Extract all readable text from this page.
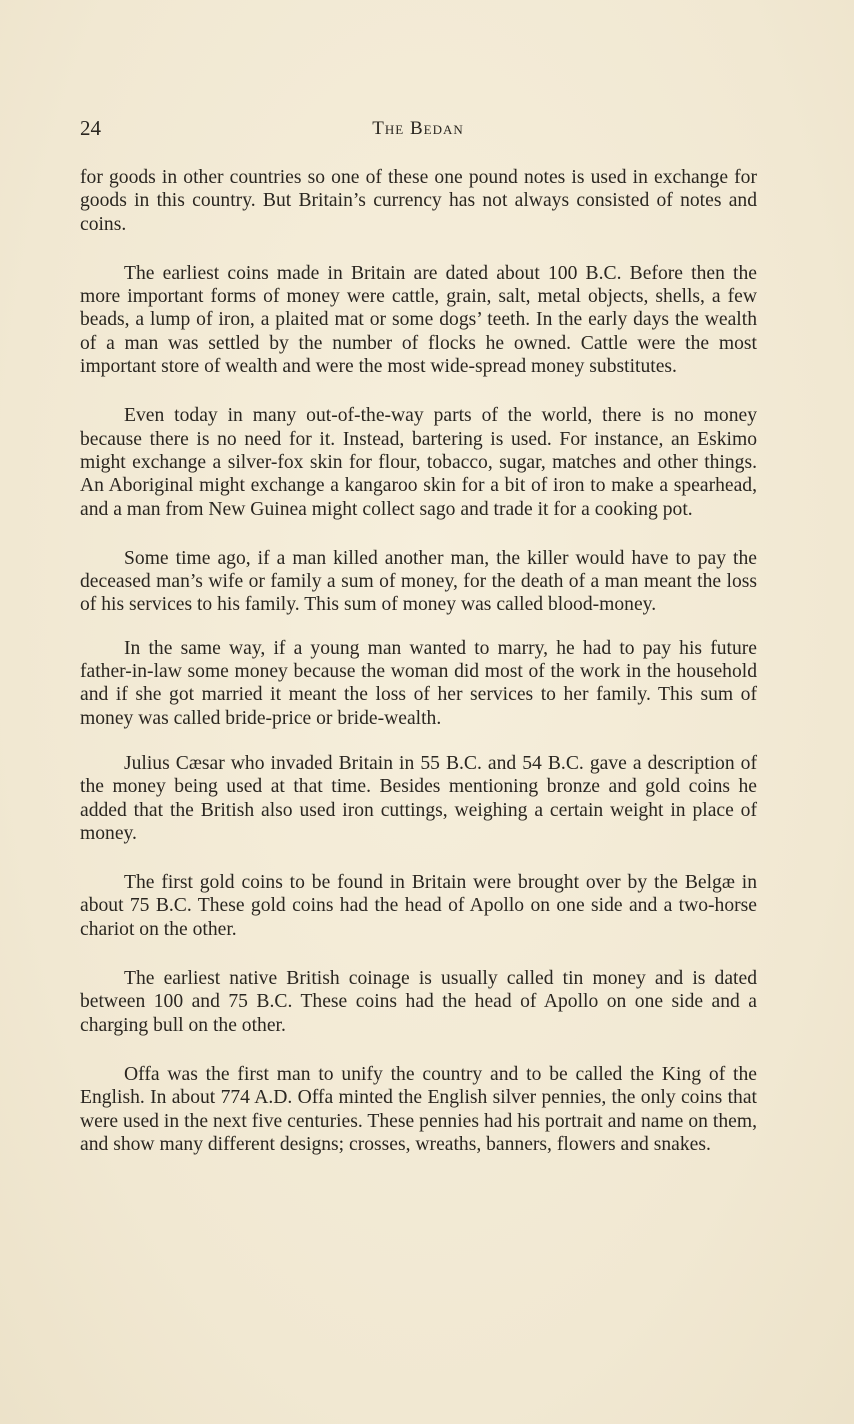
24	The Bedan

for goods in other countries so one of these one pound notes is used in exchange for goods in this country. But Britain’s currency has not always consisted of notes and coins.

The earliest coins made in Britain are dated about 100 B.C. Before then the more important forms of money were cattle, grain, salt, metal objects, shells, a few beads, a lump of iron, a plaited mat or some dogs’ teeth. In the early days the wealth of a man was settled by the number of flocks he owned. Cattle were the most important store of wealth and were the most wide-spread money substitutes.

Even today in many out-of-the-way parts of the world, there is no money because there is no need for it. Instead, bartering is used. For instance, an Eskimo might exchange a silver-fox skin for flour, tobacco, sugar, matches and other things. An Aboriginal might exchange a kangaroo skin for a bit of iron to make a spearhead, and a man from New Guinea might collect sago and trade it for a cooking pot.

Some time ago, if a man killed another man, the killer would have to pay the deceased man’s wife or family a sum of money, for the death of a man meant the loss of his services to his family. This sum of money was called blood-money.

In the same way, if a young man wanted to marry, he had to pay his future father-in-law some money because the woman did most of the work in the household and if she got married it meant the loss of her services to her family. This sum of money was called bride-price or bride-wealth.

Julius Cæsar who invaded Britain in 55 B.C. and 54 B.C. gave a description of the money being used at that time. Besides mentioning bronze and gold coins he added that the British also used iron cuttings, weighing a certain weight in place of money.

The first gold coins to be found in Britain were brought over by the Belgæ in about 75 B.C. These gold coins had the head of Apollo on one side and a two-horse chariot on the other.

The earliest native British coinage is usually called tin money and is dated between 100 and 75 B.C. These coins had the head of Apollo on one side and a charging bull on the other.

Offa was the first man to unify the country and to be called the King of the English. In about 774 A.D. Offa minted the English silver pennies, the only coins that were used in the next five centuries. These pennies had his portrait and name on them, and show many different designs; crosses, wreaths, banners, flowers and snakes.
